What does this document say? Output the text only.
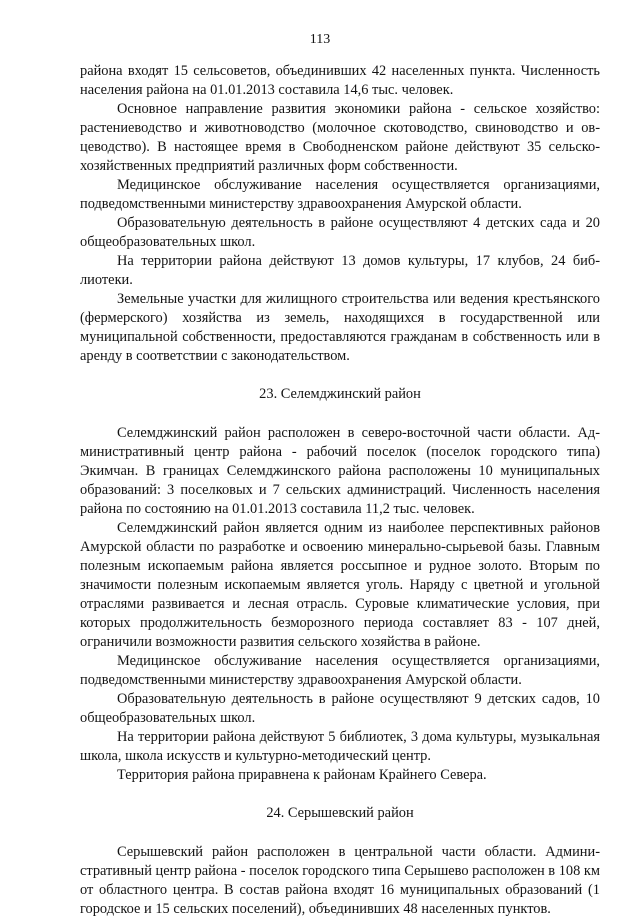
113

района входят 15 сельсоветов, объединивших 42 населенных пункта. Численность населения района на 01.01.2013 составила 14,6 тыс. человек.

Основное направление развития экономики района - сельское хозяйство: растениеводство и животноводство (молочное скотоводство, свиноводство и овцеводство). В настоящее время в Свободненском районе действуют 35 сельскохозяйственных предприятий различных форм собственности.

Медицинское обслуживание населения осуществляется организациями, подведомственными министерству здравоохранения Амурской области.

Образовательную деятельность в районе осуществляют 4 детских сада и 20 общеобразовательных школ.

На территории района действуют 13 домов культуры, 17 клубов, 24 библиотеки.

Земельные участки для жилищного строительства или ведения крестьянского (фермерского) хозяйства из земель, находящихся в государственной или муниципальной собственности, предоставляются гражданам в собственность или в аренду в соответствии с законодательством.

23. Селемджинский район

Селемджинский район расположен в северо-восточной части области. Административный центр района - рабочий поселок (поселок городского типа) Экимчан. В границах Селемджинского района расположены 10 муниципальных образований: 3 поселковых и 7 сельских администраций. Численность населения района по состоянию на 01.01.2013 составила 11,2 тыс. человек.

Селемджинский район является одним из наиболее перспективных районов Амурской области по разработке и освоению минерально-сырьевой базы. Главным полезным ископаемым района является россыпное и рудное золото. Вторым по значимости полезным ископаемым является уголь. Наряду с цветной и угольной отраслями развивается и лесная отрасль. Суровые климатические условия, при которых продолжительность безморозного периода составляет 83 - 107 дней, ограничили возможности развития сельского хозяйства в районе.

Медицинское обслуживание населения осуществляется организациями, подведомственными министерству здравоохранения Амурской области.

Образовательную деятельность в районе осуществляют 9 детских садов, 10 общеобразовательных школ.

На территории района действуют 5 библиотек, 3 дома культуры, музыкальная школа, школа искусств и культурно-методический центр.

Территория района приравнена к районам Крайнего Севера.

24. Серышевский район

Серышевский район расположен в центральной части области. Административный центр района - поселок городского типа Серышево расположен в 108 км от областного центра. В состав района входят 16 муниципальных образований (1 городское и 15 сельских поселений), объединивших 48 населенных пунктов.
